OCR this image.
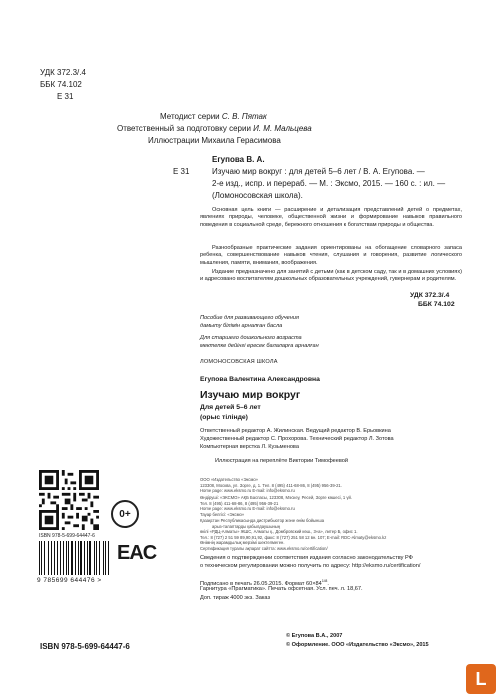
УДК 372.3/.4
ББК 74.102
Е 31
Методист серии С. В. Пятак
Ответственный за подготовку серии И. М. Мальцева
Иллюстрации Михаила Герасимова
Егупова В. А.
Е 31	Изучаю мир вокруг : для детей 5–6 лет / В. А. Егупова. —
2-е изд., испр. и перераб. — М. : Эксмо, 2015. — 160 с. : ил. —
(Ломоносовская школа).
Основная цель книги — расширение и детализация представлений детей о предметах, явлениях природы, человеке, общественной жизни и формирование навыков правильного поведения в социальной среде, бережного отношения к богатствам природы и общества.
Разнообразные практические задания ориентированы на обогащение словарного запаса ребенка, совершенствование навыков чтения, слушания и говорения, развитие логического мышления, памяти, внимания, воображения.
Издание предназначено для занятий с детьми (как в детском саду, так и в домашних условиях) и адресовано воспитателям дошкольных образовательных учреждений, гувернерам и родителям.
УДК 372.3/.4
ББК 74.102
Пособие для развивающего обучения
дамыту білімін арналған басла
Для старшего дошкольного возраста
мектепке дейінгі ересек балаларға арналған
ЛОМОНОСОВСКАЯ ШКОЛА
Егупова Валентина Александровна
Изучаю мир вокруг
Для детей 5–6 лет
(орыс тілінде)
Ответственный редактор А. Жилинская. Ведущий редактор В. Ерьовкина
Художественный редактор С. Прохорова. Технический редактор Л. Зотова
Компьютерная верстка Л. Кузьменова
Иллюстрация на переплёте Виктории Тимофеевой
ООО «Издательство «Эксмо»
123308, Москва, ул. Зорге, д. 1. Тел. 8 (495) 411-68-86, 8 (495) 956-39-21.
Home page: www.eksmo.ru E-mail: info@eksmo.ru
Өндіруші: «ЭКСМО» АҚБ Баспасы, 123308, Мәскеу, Ресей, Зорге көшесі, 1 үй.
Тел. 8 (495) 411-68-86, 8 (495) 956-39-21
Home page: www.eksmo.ru E-mail: info@eksmo.ru
Тауар белгісі: «Эксмо»
Қазақстан Республикасында дистрибьютор және өнім бойынша
арыз-талаптарды қабылдаушының
өкілі «РДЦ-Алматы» ЖШС, Алматы қ., Домбровский көш., 3«а», литер Б, офис 1.
Тел.: 8 (727) 2 51 59 89,90,91,92, факс: 8 (727) 251 58 12 вн. 107; E-mail: RDC-Almaty@eksmo.kz
Өнімнің жарамдылық мерзімі шектелмеген.
Сертификация туралы ақпарат сайтта: www.eksmo.ru/certification/
Сведения о подтверждении соответствия издания согласно законодательству РФ
о техническом регулировании можно получить по адресу: http://eksmo.ru/certification/
Подписано в печать 26.05.2015. Формат $60\times 84^{1/8}$.
Гарнитура «Прагматика». Печать офсетная. Усл. печ. л. 18,67.
Доп. тираж 4000 экз. Заказ
0+
ISBN 978-5-699-64447-6
9 785699 644476 >
EAC
ISBN 978-5-699-64447-6
© Егупова В.А., 2007
© Оформление. ООО «Издательство «Эксмо», 2015
L
